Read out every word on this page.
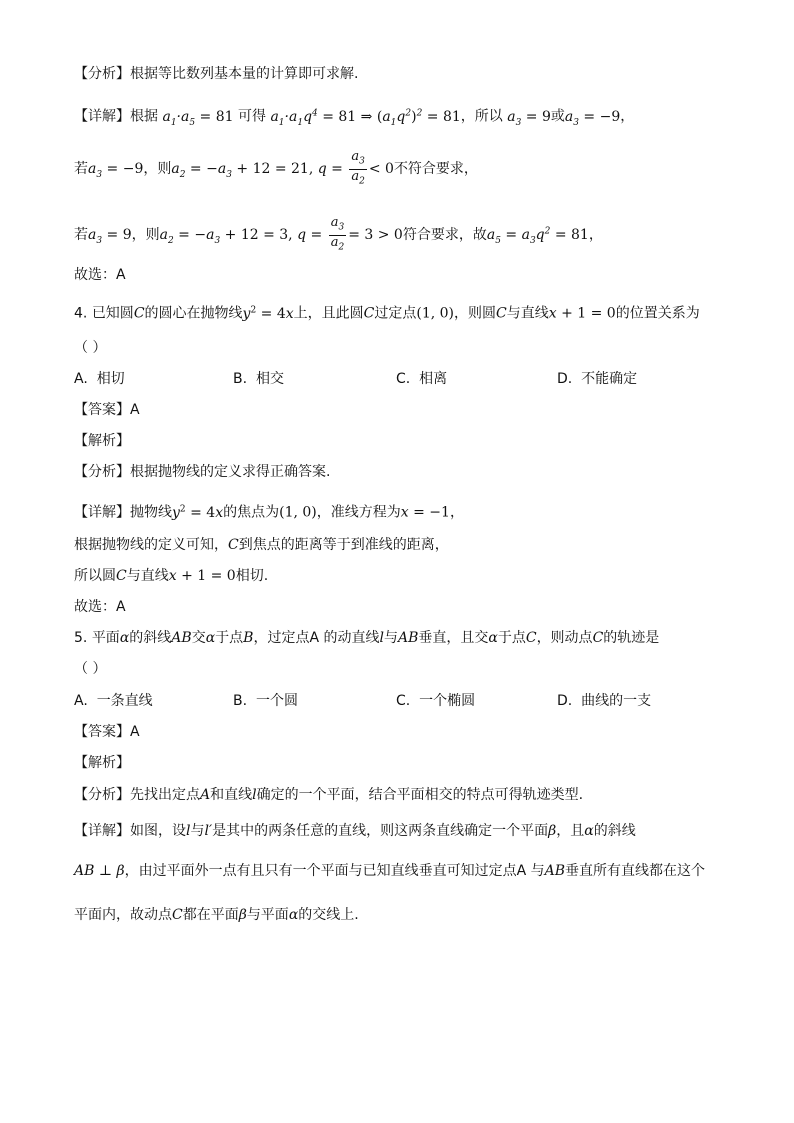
【分析】根据等比数列基本量的计算即可求解.
【详解】根据 $a_1\cdot a_5 = 81$ 可得 $a_1\cdot a_1q^4 = 81$ ⇒ $(a_1q^2)^2 = 81$，所以 $a_3 = 9$或$a_3 = -9$，
若$a_3 = -9$，则$a_2 = -a_3 + 12 = 21$, $q = \frac{a_3}{a_2} < 0$不符合要求，
若$a_3 = 9$，则$a_2 = -a_3 + 12 = 3$, $q = \frac{a_3}{a_2} = 3 > 0$符合要求，故$a_5 = a_3q^2 = 81$，
故选：A
4. 已知圆C的圆心在抛物线$y^2 = 4x$上，且此圆C过定点(1, 0)，则圆C与直线x + 1 = 0的位置关系为
（ ）
A. 相切	B. 相交	C. 相离	D. 不能确定
【答案】A
【解析】
【分析】根据抛物线的定义求得正确答案.
【详解】抛物线$y^2 = 4x$的焦点为(1, 0)，准线方程为x = −1，
根据抛物线的定义可知，C到焦点的距离等于到准线的距离，
所以圆C与直线x + 1 = 0相切.
故选：A
5. 平面α的斜线AB交α于点B，过定点A 的动直线l与AB垂直，且交α于点C，则动点C的轨迹是
（ ）
A. 一条直线	B. 一个圆	C. 一个椭圆	D. 曲线的一支
【答案】A
【解析】
【分析】先找出定点A和直线l确定的一个平面，结合平面相交的特点可得轨迹类型.
【详解】如图，设l与l′是其中的两条任意的直线，则这两条直线确定一个平面β，且α的斜线
AB ⊥ β，由过平面外一点有且只有一个平面与已知直线垂直可知过定点A 与AB垂直所有直线都在这个
平面内，故动点C都在平面β与平面α的交线上.
